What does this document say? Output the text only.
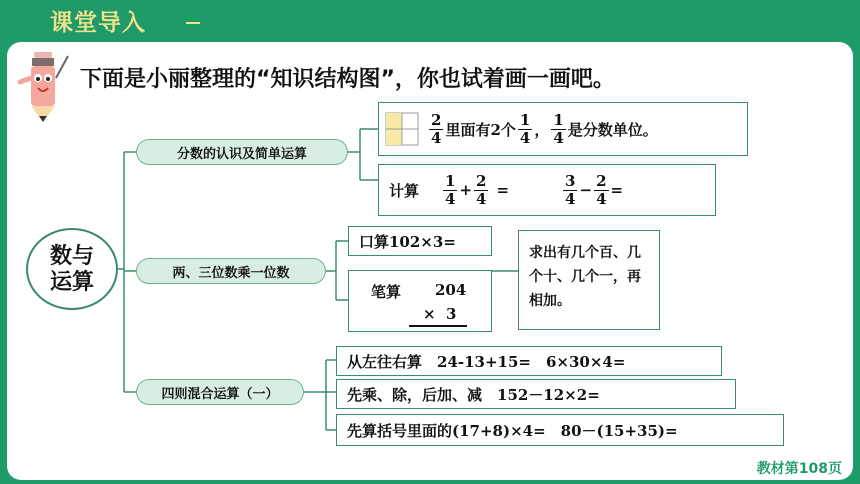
课堂导入
下面是小丽整理的“知识结构图”，你也试着画一画吧。
数与
运算
分数的认识及简单运算
$\frac{2}{4}$ 里面有2个 $\frac{1}{4}$ ， $\frac{1}{4}$ 是分数单位。
计算 $\frac{1}{4} + \frac{2}{4}$ =	$\frac{3}{4} - \frac{2}{4}$ =
两、三位数乘一位数
口算102×3=
笔算 204
×  3
求出有几个百、几个十、几个一，再相加。
四则混合运算（一）
从左往右算　24-13+15=　6×30×4=
先乘、除，后加、减　152－12×2=
先算括号里面的(17+8)×4=　80－(15+35)=
教材第108页
